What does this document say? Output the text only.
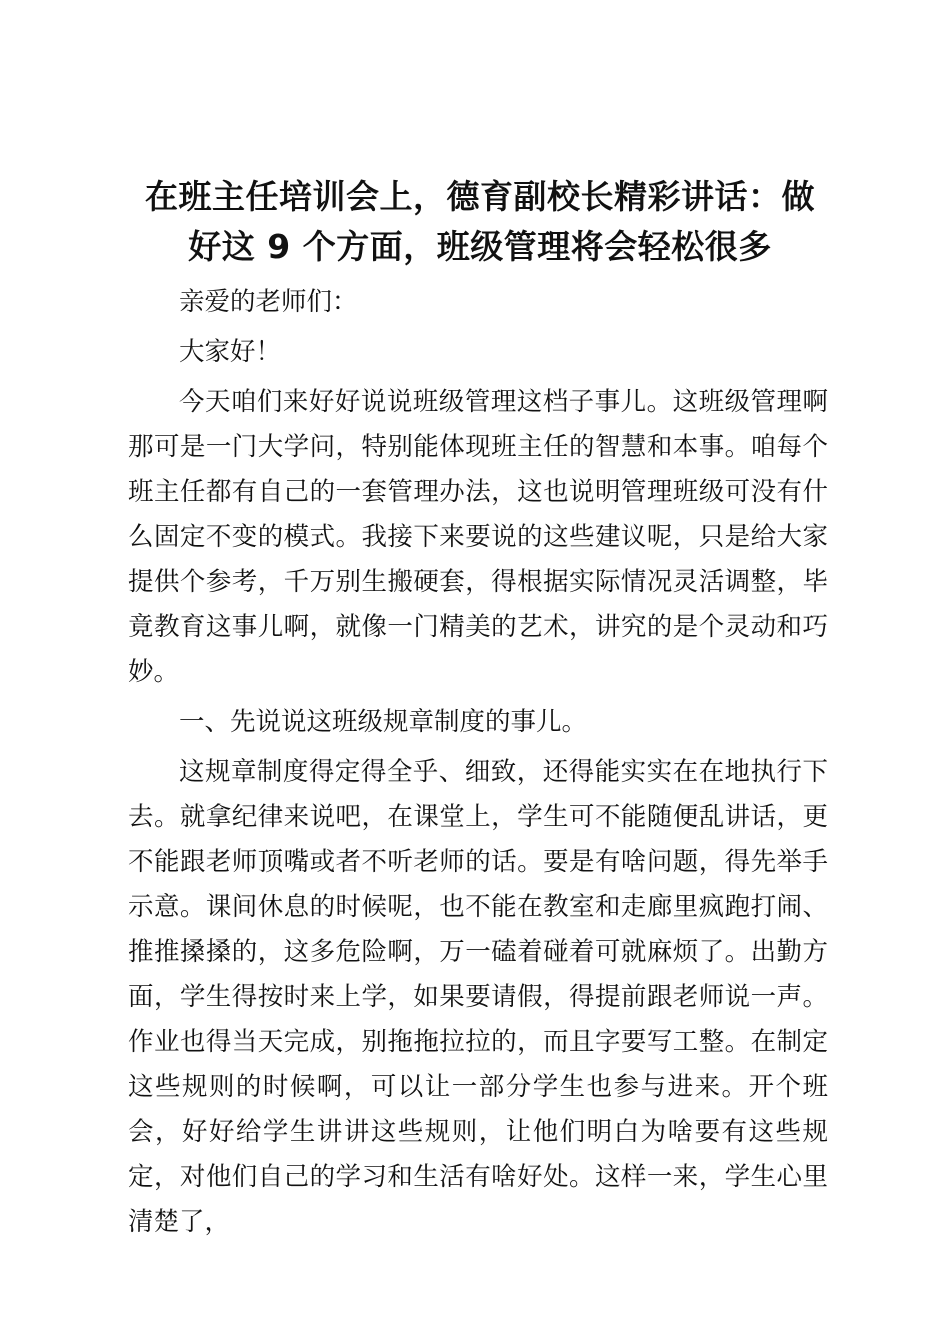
在班主任培训会上，德育副校长精彩讲话：做
好这 9 个方面，班级管理将会轻松很多

亲爱的老师们：

大家好！

今天咱们来好好说说班级管理这档子事儿。这班级管理啊那可是一门大学问，特别能体现班主任的智慧和本事。咱每个班主任都有自己的一套管理办法，这也说明管理班级可没有什么固定不变的模式。我接下来要说的这些建议呢，只是给大家提供个参考，千万别生搬硬套，得根据实际情况灵活调整，毕竟教育这事儿啊，就像一门精美的艺术，讲究的是个灵动和巧妙。

一、先说说这班级规章制度的事儿。

这规章制度得定得全乎、细致，还得能实实在在地执行下去。就拿纪律来说吧，在课堂上，学生可不能随便乱讲话，更不能跟老师顶嘴或者不听老师的话。要是有啥问题，得先举手示意。课间休息的时候呢，也不能在教室和走廊里疯跑打闹、推推搡搡的，这多危险啊，万一磕着碰着可就麻烦了。出勤方面，学生得按时来上学，如果要请假，得提前跟老师说一声。作业也得当天完成，别拖拖拉拉的，而且字要写工整。在制定这些规则的时候啊，可以让一部分学生也参与进来。开个班会，好好给学生讲讲这些规则，让他们明白为啥要有这些规定，对他们自己的学习和生活有啥好处。这样一来，学生心里清楚了，
